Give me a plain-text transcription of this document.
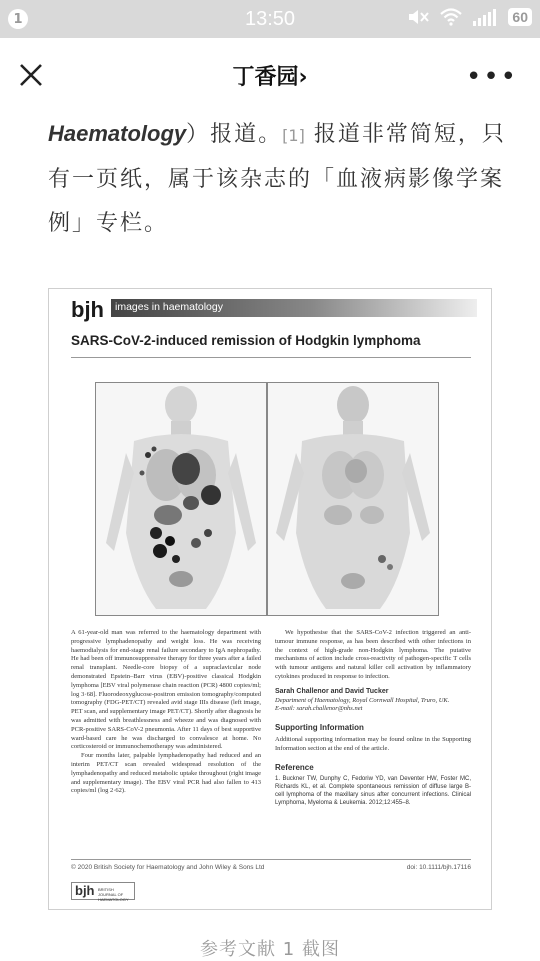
1	13:50	60
丁香园›	•••
Haematology）报道。[1] 报道非常简短，只有一页纸，属于该杂志的「血液病影像学案例」专栏。
bjh images in haematology
SARS-CoV-2-induced remission of Hodgkin lymphoma
A 61-year-old man was referred to the haematology department with progressive lymphadenopathy and weight loss. He was receiving haemodialysis for end-stage renal failure secondary to IgA nephropathy. He had been off immunosuppressive therapy for three years after a failed renal transplant. Needle-core biopsy of a supraclavicular node demonstrated Epstein–Barr virus (EBV)-positive classical Hodgkin lymphoma [EBV viral polymerase chain reaction (PCR) 4800 copies/ml; log 3·68]. Fluorodeoxyglucose-positron emission tomography/computed tomography (FDG-PET/CT) revealed avid stage IIIs disease (left image, PET scan, and supplementary image PET/CT). Shortly after diagnosis he was admitted with breathlessness and wheeze and was diagnosed with PCR-positive SARS-CoV-2 pneumonia. After 11 days of best supportive ward-based care he was discharged to convalesce at home. No corticosteroid or immunochemotherapy was administered.
Four months later, palpable lymphadenopathy had reduced and an interim PET/CT scan revealed widespread resolution of the lymphadenopathy and reduced metabolic uptake throughout (right image and supplementary image). The EBV viral PCR had also fallen to 413 copies/ml (log 2·62).
We hypothesise that the SARS-CoV-2 infection triggered an anti-tumour immune response, as has been described with other infections in the context of high-grade non-Hodgkin lymphoma. The putative mechanisms of action include cross-reactivity of pathogen-specific T cells with tumour antigens and natural killer cell activation by inflammatory cytokines produced in response to infection.
Sarah Challenor and David Tucker
Department of Haematology, Royal Cornwall Hospital, Truro, UK.
E-mail: sarah.challenor@nhs.net
Supporting Information
Additional supporting information may be found online in the Supporting Information section at the end of the article.
Reference
1. Buckner TW, Dunphy C, Fedoriw YD, van Deventer HW, Foster MC, Richards KL, et al. Complete spontaneous remission of diffuse large B-cell lymphoma of the maxillary sinus after concurrent infections. Clinical Lymphoma, Myeloma & Leukemia. 2012;12:455–8.
© 2020 British Society for Haematology and John Wiley & Sons Ltd	doi: 10.1111/bjh.17116
bjh BRITISH JOURNAL OF HAEMATOLOGY
参考文献 1 截图
